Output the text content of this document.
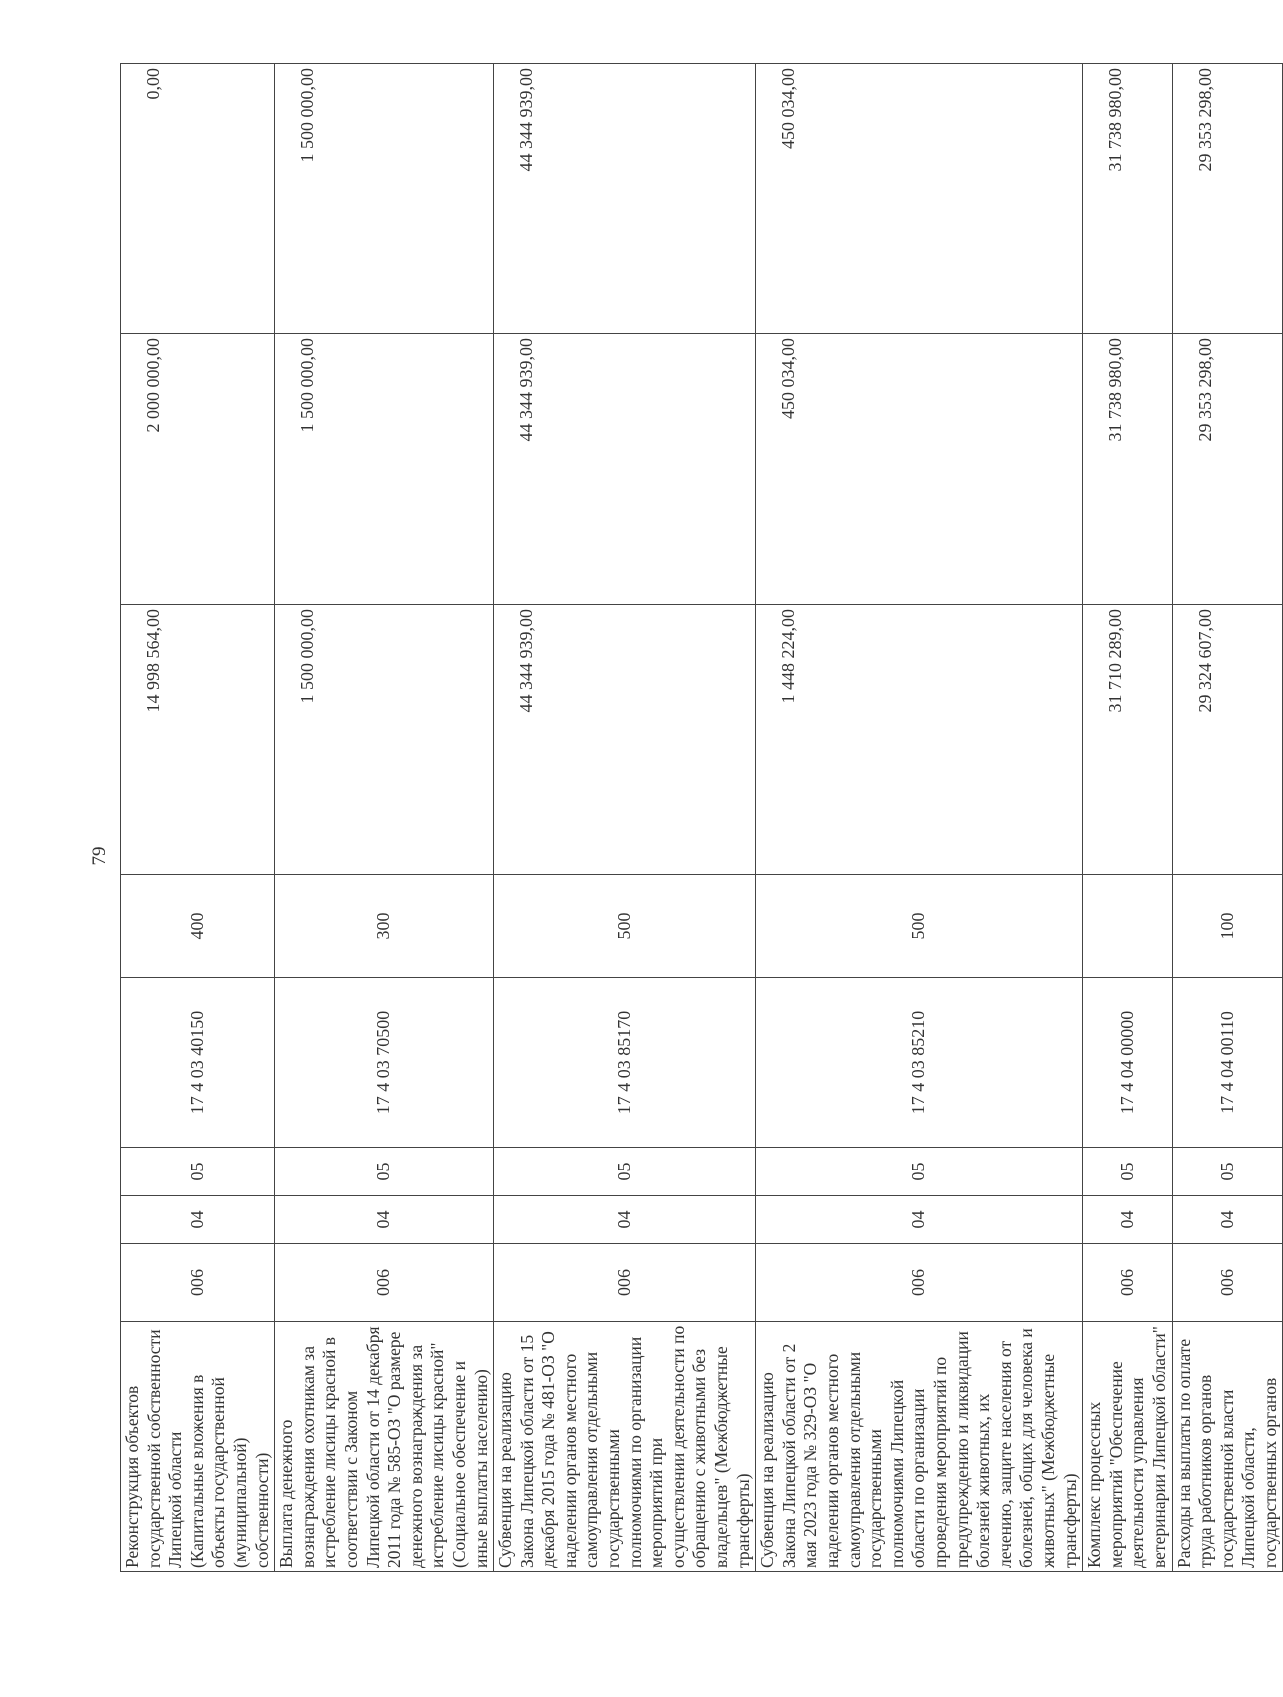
79
Реконструкция объектов государственной собственности Липецкой области (Капитальные вложения в объекты государственной (муниципальной) собственности)	006	04	05	17 4 03 40150	400	14 998 564,00	2 000 000,00	0,00
Выплата денежного вознаграждения охотникам за истребление лисицы красной в соответствии с Законом Липецкой области от 14 декабря 2011 года № 585-ОЗ "О размере денежного вознаграждения за истребление лисицы красной" (Социальное обеспечение и иные выплаты населению)	006	04	05	17 4 03 70500	300	1 500 000,00	1 500 000,00	1 500 000,00
Субвенция на реализацию Закона Липецкой области от 15 декабря 2015 года № 481-ОЗ "О наделении органов местного самоуправления отдельными государственными полномочиями по организации мероприятий при осуществлении деятельности по обращению с животными без владельцев" (Межбюджетные трансферты)	006	04	05	17 4 03 85170	500	44 344 939,00	44 344 939,00	44 344 939,00
Субвенция на реализацию Закона Липецкой области от 2 мая 2023 года № 329-ОЗ "О наделении органов местного самоуправления отдельными государственными полномочиями Липецкой области по организации проведения мероприятий по предупреждению и ликвидации болезней животных, их лечению, защите населения от болезней, общих для человека и животных" (Межбюджетные трансферты)	006	04	05	17 4 03 85210	500	1 448 224,00	450 034,00	450 034,00
Комплекс процессных мероприятий "Обеспечение деятельности управления ветеринарии Липецкой области"	006	04	05	17 4 04 00000		31 710 289,00	31 738 980,00	31 738 980,00
Расходы на выплаты по оплате труда работников органов государственной власти Липецкой области, государственных органов	006	04	05	17 4 04 00110	100	29 324 607,00	29 353 298,00	29 353 298,00
